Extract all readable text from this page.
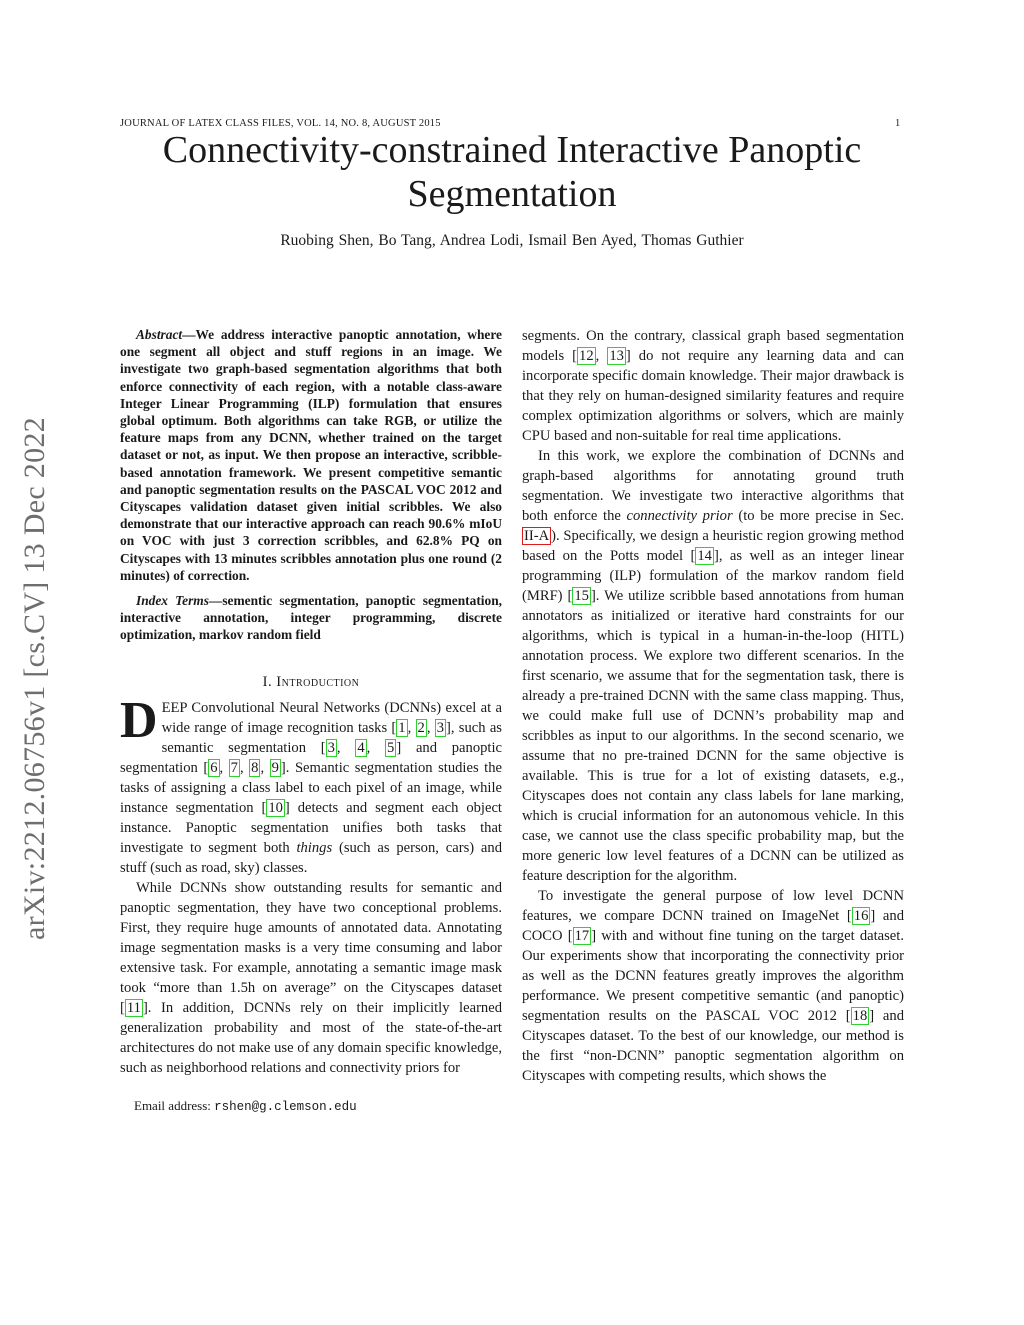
JOURNAL OF LATEX CLASS FILES, VOL. 14, NO. 8, AUGUST 2015	1
Connectivity-constrained Interactive Panoptic Segmentation
Ruobing Shen , Bo Tang , Andrea Lodi , Ismail Ben Ayed , Thomas Guthier
arXiv:2212.06756v1 [cs.CV] 13 Dec 2022

Abstract—We address interactive panoptic annotation, where one segment all object and stuff regions in an image. We investigate two graph-based segmentation algorithms that both enforce connectivity of each region, with a notable class-aware Integer Linear Programming (ILP) formulation that ensures global optimum. Both algorithms can take RGB, or utilize the feature maps from any DCNN, whether trained on the target dataset or not, as input. We then propose an interactive, scribble-based annotation framework. We present competitive semantic and panoptic segmentation results on the PASCAL VOC 2012 and Cityscapes validation dataset given initial scribbles. We also demonstrate that our interactive approach can reach 90.6% mIoU on VOC with just 3 correction scribbles, and 62.8% PQ on Cityscapes with 13 minutes scribbles annotation plus one round (2 minutes) of correction.

Index Terms—sementic segmentation, panoptic segmentation, interactive annotation, integer programming, discrete optimization, markov random field

I. Introduction

DEEP Convolutional Neural Networks (DCNNs) excel at a wide range of image recognition tasks [ 1 , 2 , 3 ], such as semantic segmentation [ 3 , 4 , 5 ] and panoptic segmentation [ 6 , 7 , 8 , 9 ]. Semantic segmentation studies the tasks of assigning a class label to each pixel of an image, while instance segmentation [ 10 ] detects and segment each object instance. Panoptic segmentation unifies both tasks that investigate to segment both things (such as person, cars) and stuff (such as road, sky) classes.

While DCNNs show outstanding results for semantic and panoptic segmentation, they have two conceptional problems. First, they require huge amounts of annotated data. Annotating image segmentation masks is a very time consuming and labor extensive task. For example, annotating a semantic image mask took “more than 1.5h on average” on the Cityscapes dataset [ 11 ]. In addition, DCNNs rely on their implicitly learned generalization probability and most of the state-of-the-art architectures do not make use of any domain specific knowledge, such as neighborhood relations and connectivity priors for

Email address: rshen@g.clemson.edu

segments. On the contrary, classical graph based segmentation models [ 12 , 13 ] do not require any learning data and can incorporate specific domain knowledge. Their major drawback is that they rely on human-designed similarity features and require complex optimization algorithms or solvers, which are mainly CPU based and non-suitable for real time applications.

In this work, we explore the combination of DCNNs and graph-based algorithms for annotating ground truth segmentation. We investigate two interactive algorithms that both enforce the connectivity prior (to be more precise in Sec. II-A ). Specifically, we design a heuristic region growing method based on the Potts model [ 14 ], as well as an integer linear programming (ILP) formulation of the markov random field (MRF) [ 15 ]. We utilize scribble based annotations from human annotators as initialized or iterative hard constraints for our algorithms, which is typical in a human-in-the-loop (HITL) annotation process. We explore two different scenarios. In the first scenario, we assume that for the segmentation task, there is already a pre-trained DCNN with the same class mapping. Thus, we could make full use of DCNN’s probability map and scribbles as input to our algorithms. In the second scenario, we assume that no pre-trained DCNN for the same objective is available. This is true for a lot of existing datasets, e.g., Cityscapes does not contain any class labels for lane marking, which is crucial information for an autonomous vehicle. In this case, we cannot use the class specific probability map, but the more generic low level features of a DCNN can be utilized as feature description for the algorithm.

To investigate the general purpose of low level DCNN features, we compare DCNN trained on ImageNet [ 16 ] and COCO [ 17 ] with and without fine tuning on the target dataset. Our experiments show that incorporating the connectivity prior as well as the DCNN features greatly improves the algorithm performance. We present competitive semantic (and panoptic) segmentation results on the PASCAL VOC 2012 [ 18 ] and Cityscapes dataset. To the best of our knowledge, our method is the first “non-DCNN” panoptic segmentation algorithm on Cityscapes with competing results, which shows the
